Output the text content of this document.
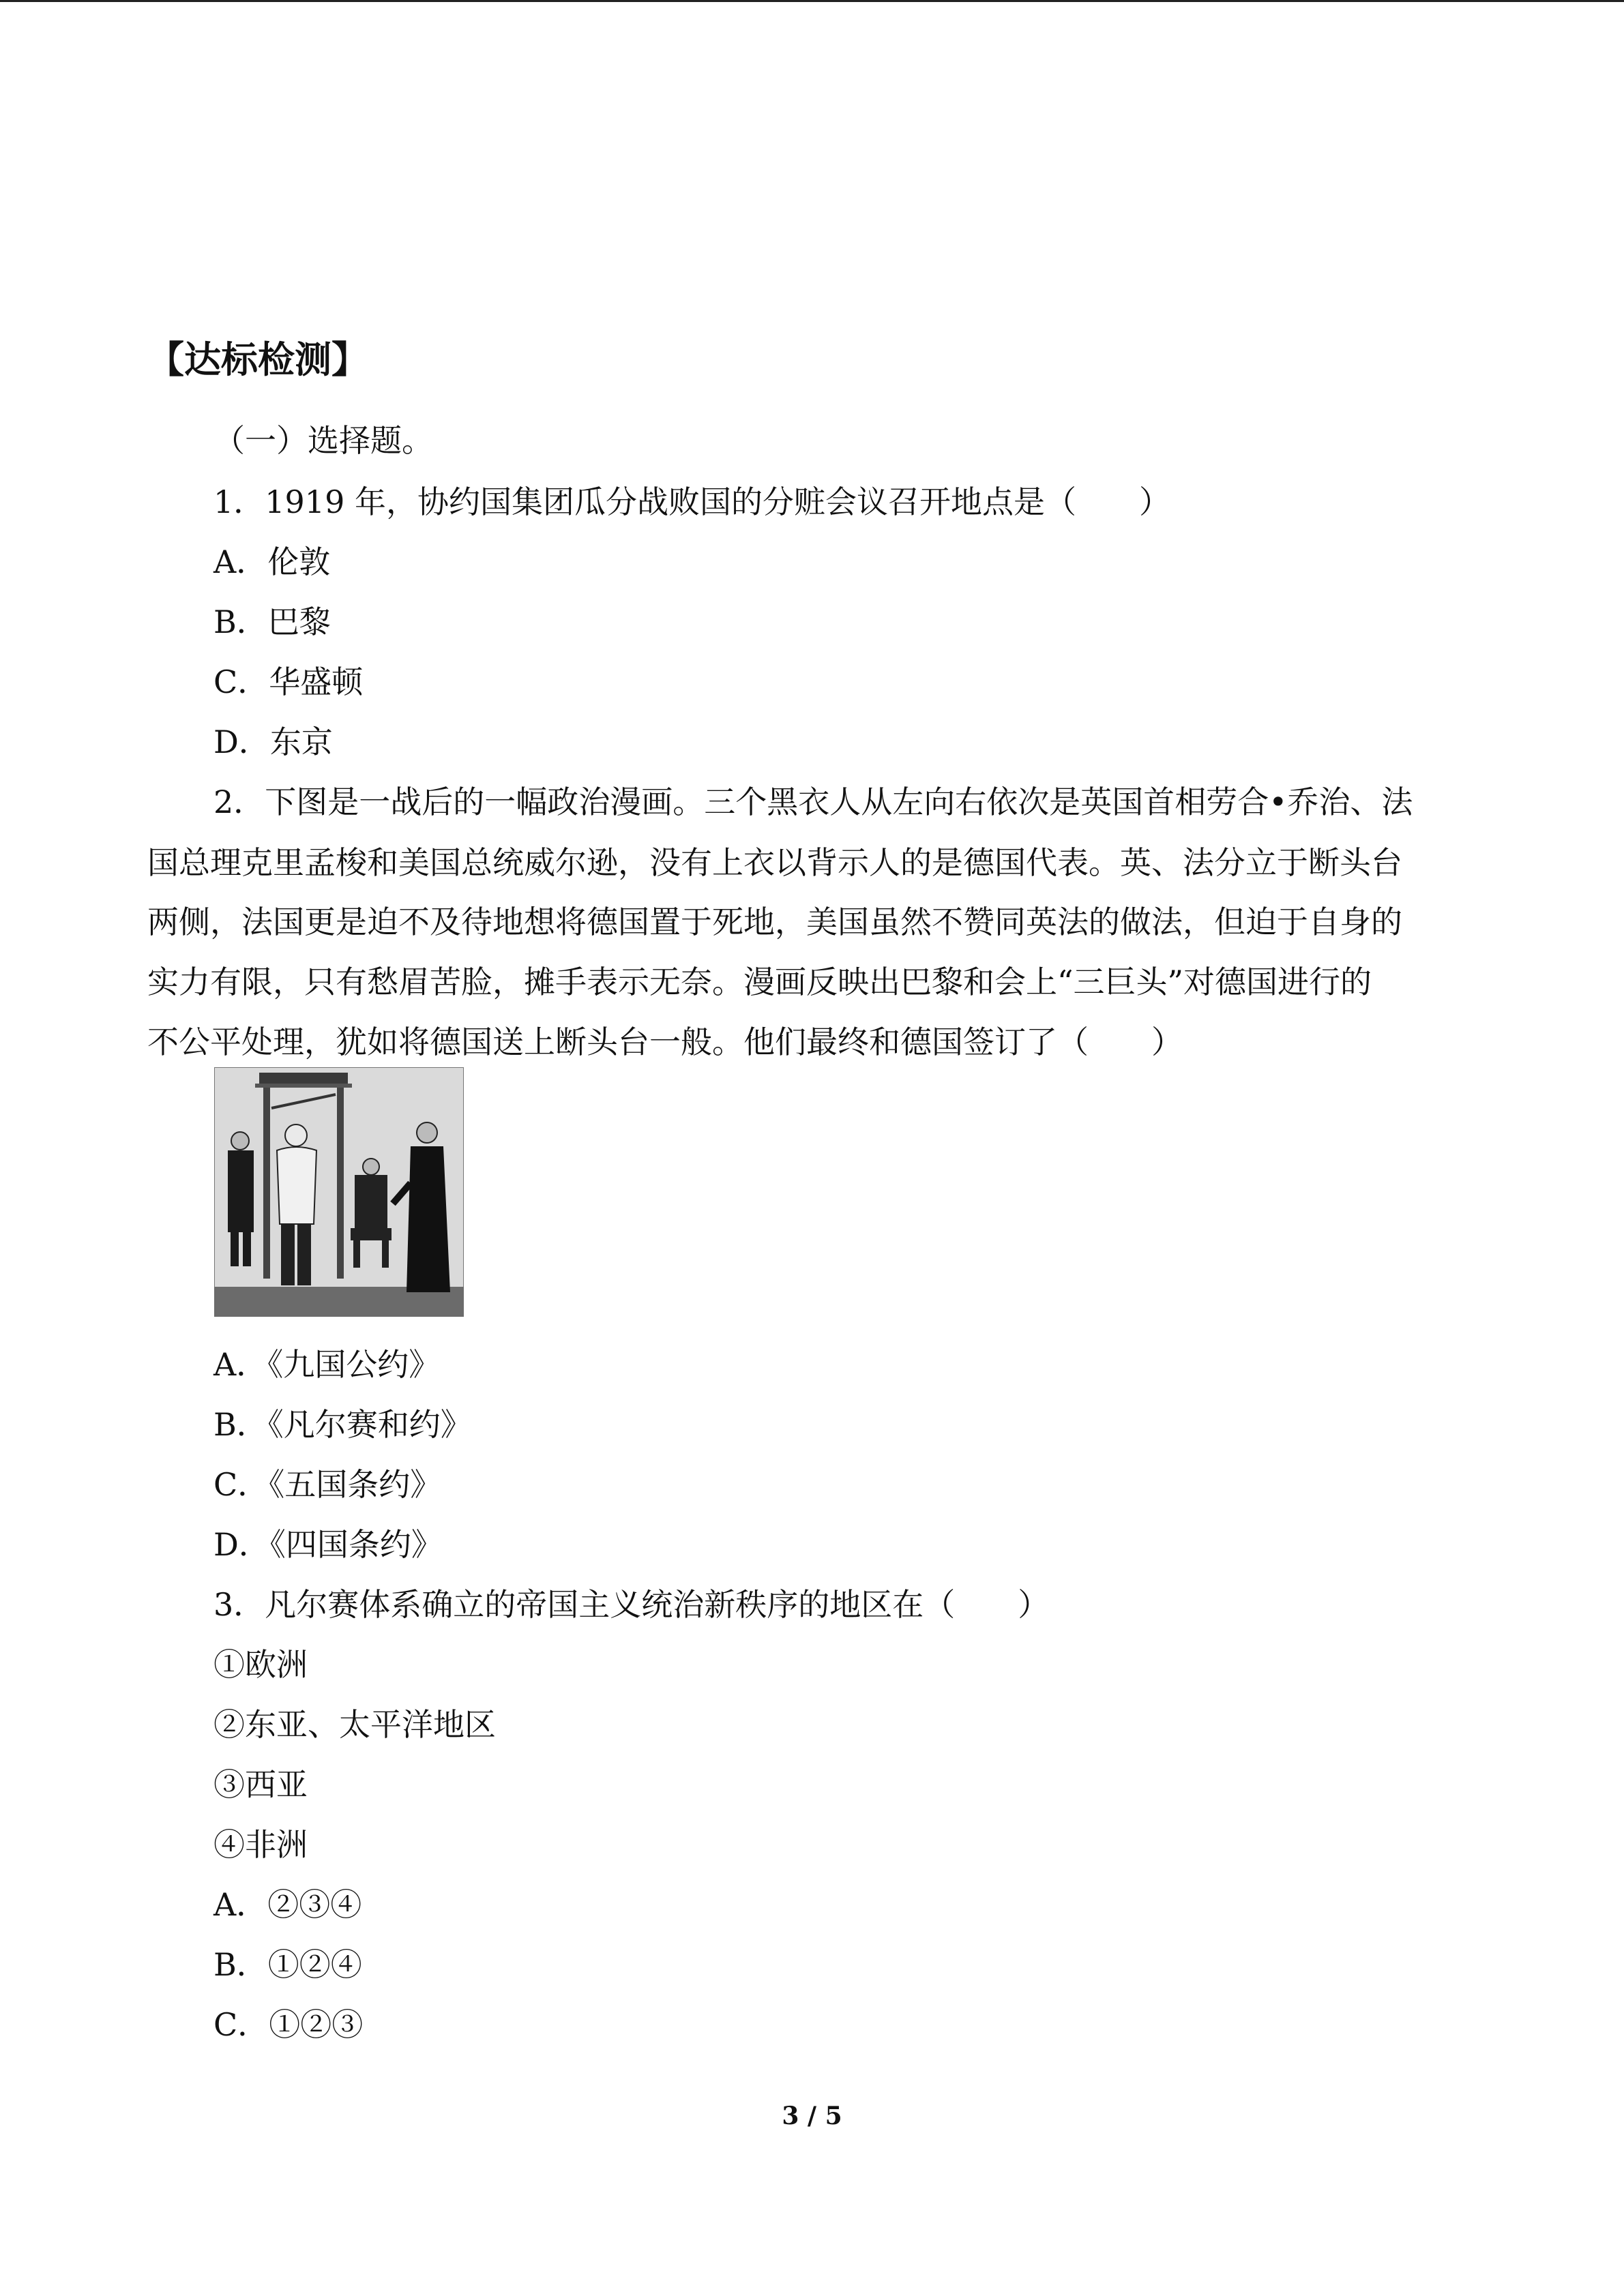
【达标检测】
（一）选择题。
1．1919 年，协约国集团瓜分战败国的分赃会议召开地点是（　　）
A．伦敦
B．巴黎
C．华盛顿
D．东京
2．下图是一战后的一幅政治漫画。三个黑衣人从左向右依次是英国首相劳合•乔治、法
国总理克里孟梭和美国总统威尔逊，没有上衣以背示人的是德国代表。英、法分立于断头台
两侧，法国更是迫不及待地想将德国置于死地，美国虽然不赞同英法的做法，但迫于自身的
实力有限，只有愁眉苦脸，摊手表示无奈。漫画反映出巴黎和会上“三巨头”对德国进行的
不公平处理，犹如将德国送上断头台一般。他们最终和德国签订了（　　）
A．《九国公约》
B．《凡尔赛和约》
C．《五国条约》
D．《四国条约》
3．凡尔赛体系确立的帝国主义统治新秩序的地区在（　　）
①欧洲
②东亚、太平洋地区
③西亚
④非洲
A．②③④
B．①②④
C．①②③
3 / 5
